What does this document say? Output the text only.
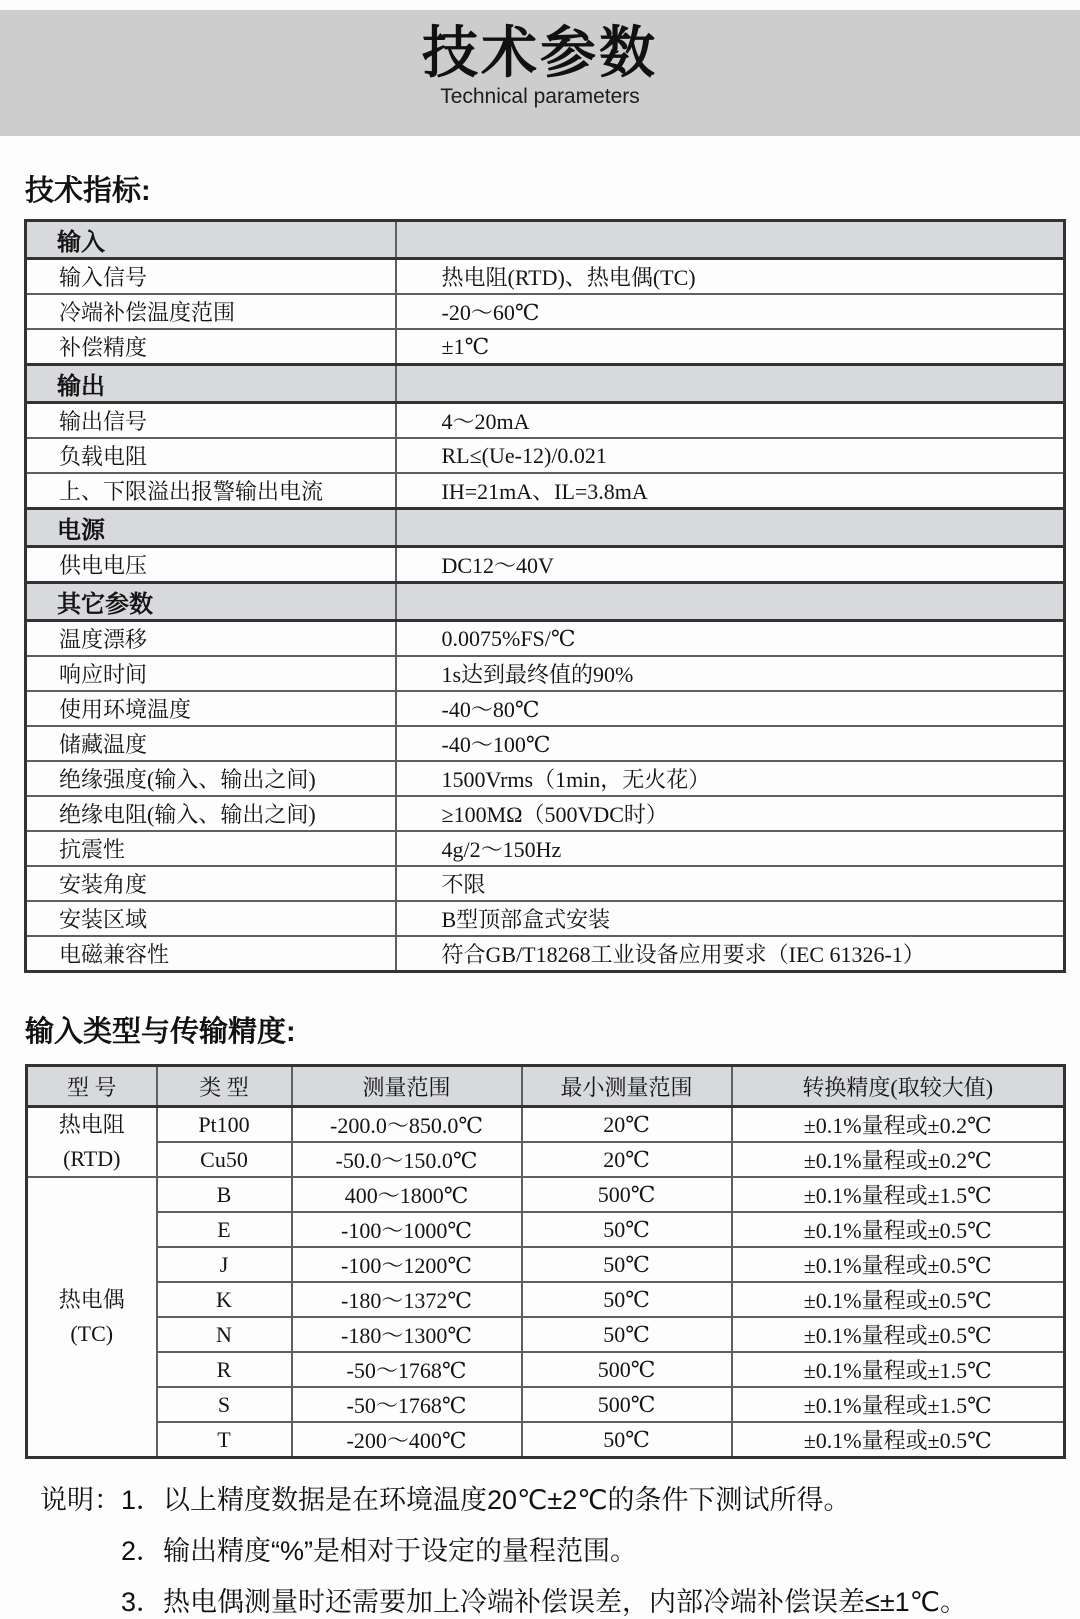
技术参数
Technical parameters
技术指标:
输入	
输入信号	热电阻(RTD)、热电偶(TC)
冷端补偿温度范围	-20～60℃
补偿精度	±1℃
输出	
输出信号	4～20mA
负载电阻	RL≤(Ue-12)/0.021
上、下限溢出报警输出电流	IH=21mA、IL=3.8mA
电源	
供电电压	DC12～40V
其它参数	
温度漂移	0.0075%FS/℃
响应时间	1s达到最终值的90%
使用环境温度	-40～80℃
储藏温度	-40～100℃
绝缘强度(输入、输出之间)	1500Vrms（1min，无火花）
绝缘电阻(输入、输出之间)	≥100MΩ（500VDC时）
抗震性	4g/2～150Hz
安装角度	不限
安装区域	B型顶部盒式安装
电磁兼容性	符合GB/T18268工业设备应用要求（IEC 61326-1）
输入类型与传输精度:
型 号	类 型	测量范围	最小测量范围	转换精度(取较大值)

热电阻
(RTD)	Pt100	-200.0～850.0℃	20℃	±0.1%量程或±0.2℃
	Cu50	-50.0～150.0℃	20℃	±0.1%量程或±0.2℃

热电偶
(TC)	B	400～1800℃	500℃	±0.1%量程或±1.5℃
	E	-100～1000℃	50℃	±0.1%量程或±0.5℃
	J	-100～1200℃	50℃	±0.1%量程或±0.5℃
	K	-180～1372℃	50℃	±0.1%量程或±0.5℃
	N	-180～1300℃	50℃	±0.1%量程或±0.5℃
	R	-50～1768℃	500℃	±0.1%量程或±1.5℃
	S	-50～1768℃	500℃	±0.1%量程或±1.5℃
	T	-200～400℃	50℃	±0.1%量程或±0.5℃
说明： 1．以上精度数据是在环境温度20℃±2℃的条件下测试所得。
2．输出精度“%”是相对于设定的量程范围。
3．热电偶测量时还需要加上冷端补偿误差，内部冷端补偿误差≤±1℃。
